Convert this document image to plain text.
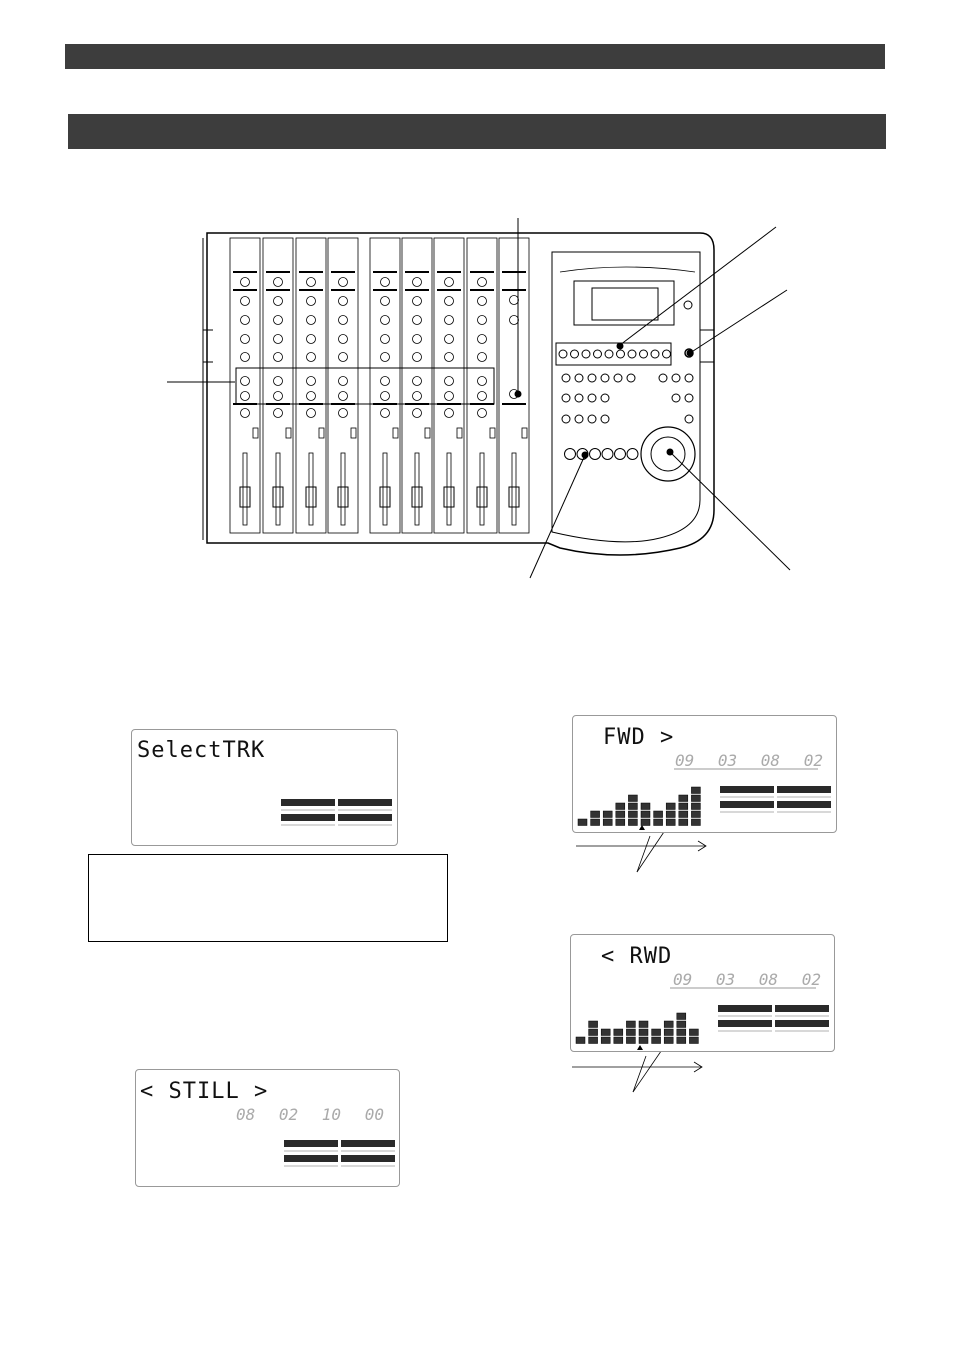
SelectTRK
FWD >
09 03 08 02
< RWD
09 03 08 02
< STILL >
08 02 10 00
